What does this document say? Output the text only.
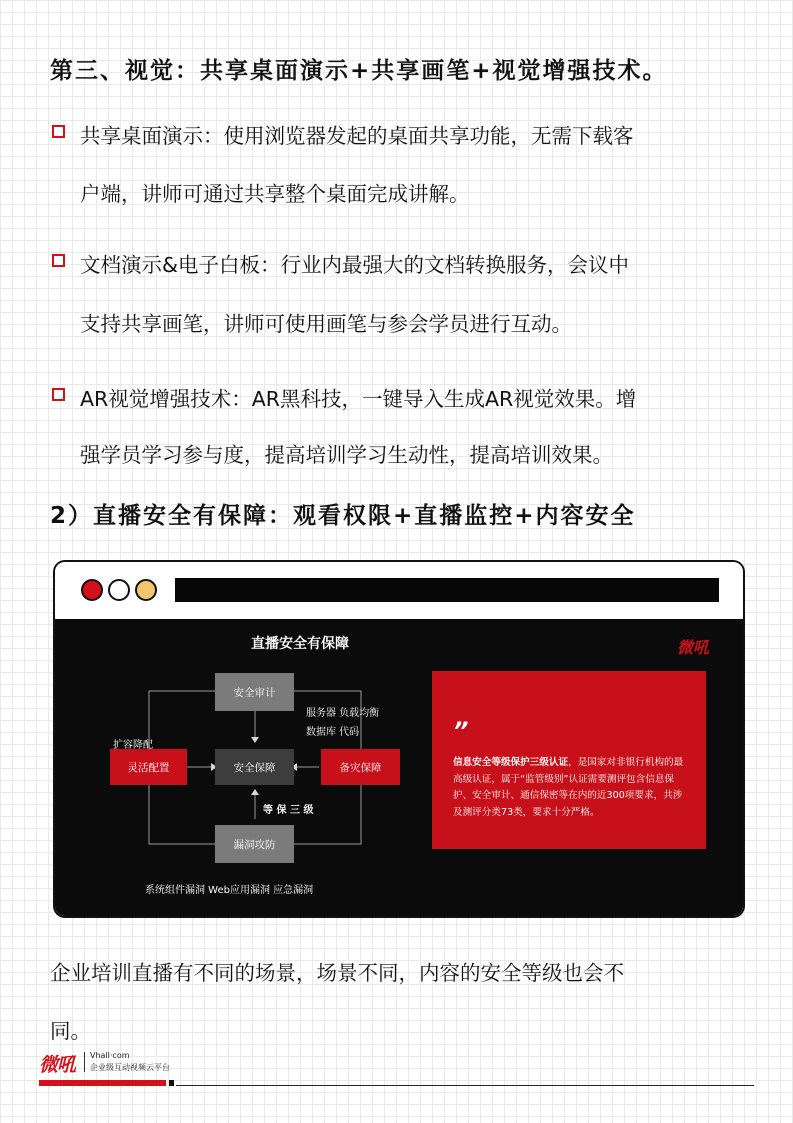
第三、视觉：共享桌面演示+共享画笔+视觉增强技术。
共享桌面演示：使用浏览器发起的桌面共享功能，无需下载客
户端，讲师可通过共享整个桌面完成讲解。
文档演示&电子白板：行业内最强大的文档转换服务，会议中
支持共享画笔，讲师可使用画笔与参会学员进行互动。
AR视觉增强技术：AR黑科技，一键导入生成AR视觉效果。增
强学员学习参与度，提高培训学习生动性，提高培训效果。
2）直播安全有保障：观看权限+直播监控+内容安全
直播安全有保障	微吼
安全审计
安全保障
灵活配置	备灾保障
漏洞攻防
服务器 负载均衡
数据库 代码
扩容降配
等 保 三 级
系统组件漏洞 Web应用漏洞 应急漏洞
”
信息安全等级保护三级认证，是国家对非银行机构的最高级认证，属于“监管级别”认证需要测评包含信息保护、安全审计、通信保密等在内的近300项要求，共涉及测评分类73类，要求十分严格。
企业培训直播有不同的场景，场景不同，内容的安全等级也会不
同。
微吼 Vhall·com
企业级互动视频云平台
